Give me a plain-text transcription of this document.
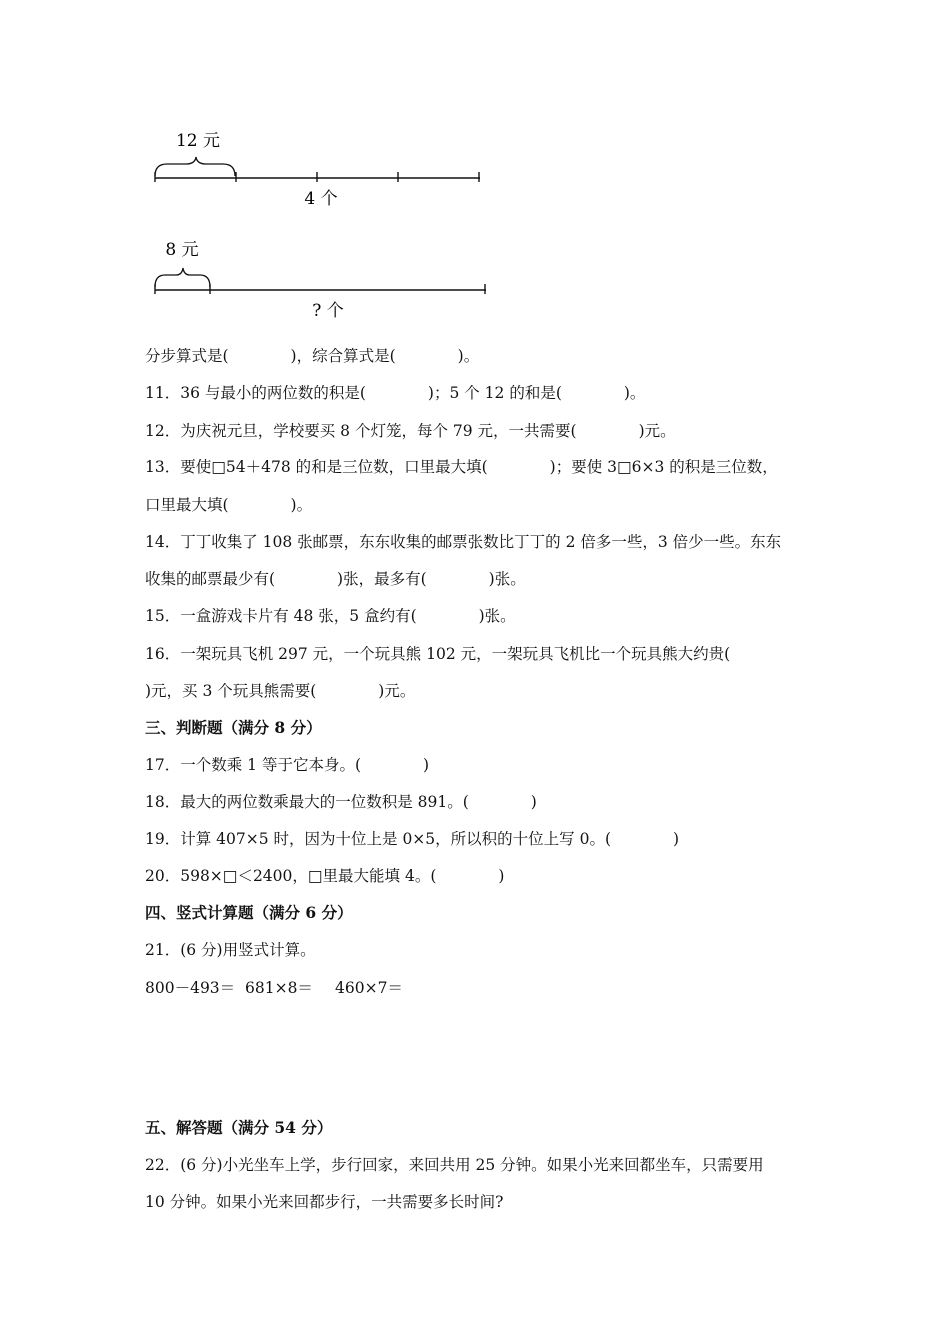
12 元
4 个
8 元
? 个
分步算式是(　　　　)，综合算式是(　　　　)。
11．36 与最小的两位数的积是(　　　　)；5 个 12 的和是(　　　　)。
12．为庆祝元旦，学校要买 8 个灯笼，每个 79 元，一共需要(　　　　)元。
13．要使□54＋478 的和是三位数，口里最大填(　　　　)；要使 3□6×3 的积是三位数，
口里最大填(　　　　)。
14．丁丁收集了 108 张邮票，东东收集的邮票张数比丁丁的 2 倍多一些，3 倍少一些。东东
收集的邮票最少有(　　　　)张，最多有(　　　　)张。
15．一盒游戏卡片有 48 张，5 盒约有(　　　　)张。
16．一架玩具飞机 297 元，一个玩具熊 102 元，一架玩具飞机比一个玩具熊大约贵(
)元，买 3 个玩具熊需要(　　　　)元。
三、判断题（满分 8 分）
17．一个数乘 1 等于它本身。(　　　　)
18．最大的两位数乘最大的一位数积是 891。(　　　　)
19．计算 407×5 时，因为十位上是 0×5，所以积的十位上写 0。(　　　　)
20．598×□＜2400，□里最大能填 4。(　　　　)
四、竖式计算题（满分 6 分）
21．(6 分)用竖式计算。
800－493＝ 681×8＝ 460×7＝
五、解答题（满分 54 分）
22．(6 分)小光坐车上学，步行回家，来回共用 25 分钟。如果小光来回都坐车，只需要用
10 分钟。如果小光来回都步行，一共需要多长时间?
